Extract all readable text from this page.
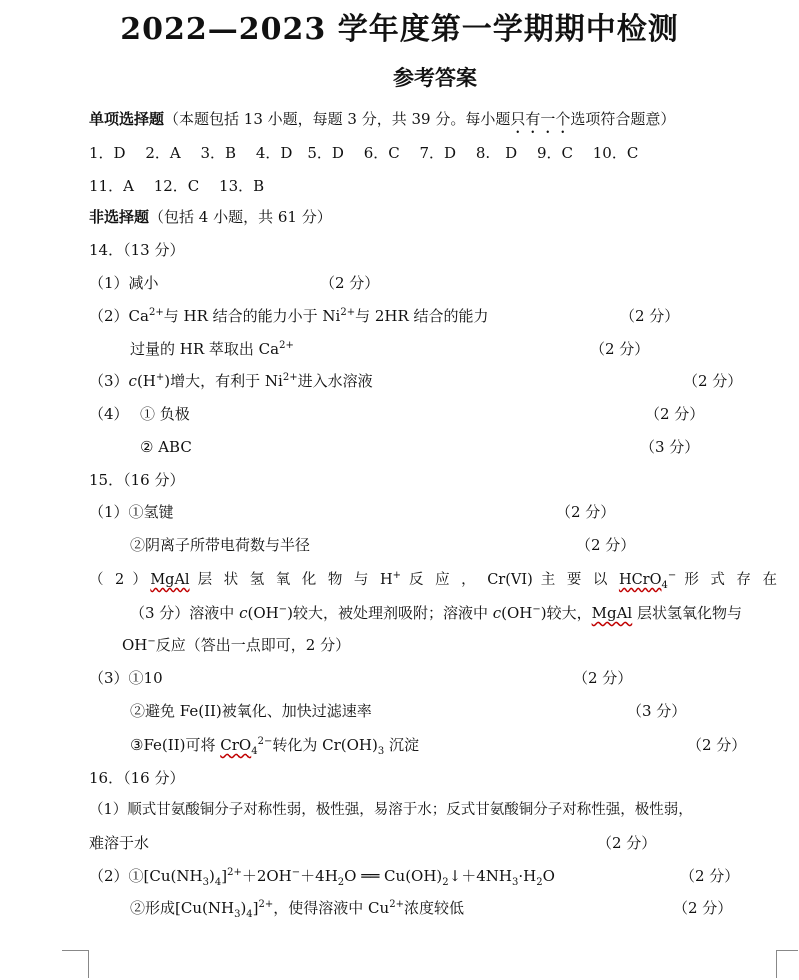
2022—2023 学年度第一学期期中检测
参考答案
单项选择题（本题包括 13 小题，每题 3 分，共 39 分。每小题只有一个选项符合题意）
1．D　 2．A　 3．B　 4．D　5．D　 6．C　 7．D　 8.　D　 9．C　 10．C
11．A　 12．C　 13．B
非选择题（包括 4 小题，共 61 分）
14．（13 分）
（1）减小	（2 分）
$(2)Ca^{2+}$与 HR 结合的能力小于 $Ni^{2+}$与 2HR 结合的能力	（2 分）
过量的 HR 萃取出 $Ca^{2+}$	（2 分）
（3）c(H+)增大，有利于 $Ni^{2+}$进入水溶液	（2 分）
（4） ① 负极	（2 分）
② ABC	（3 分）
15．（16 分）
（1）①氢键	（2 分）
②阴离子所带电荷数与半径	（2 分）
（ 2 ）MgAl 层 状 氢 氧 化 物 与 H+ 反 应 ， Cr(VI) 主 要 以 HCrO$_4$− 形 式 存 在
（3 分）溶液中 c(OH−)较大，被处理剂吸附；溶液中 c(OH−)较大，MgAl 层状氢氧化物与
OH−反应（答出一点即可，2 分）
（3）①10	（2 分）
②避免 Fe(II)被氧化、加快过滤速率	（3 分）
③Fe(II)可将 CrO$_4^{2-}$转化为 $Cr(OH)_3$ 沉淀	（2 分）
16．（16 分）
（1）顺式甘氨酸铜分子对称性弱，极性强，易溶于水；反式甘氨酸铜分子对称性强，极性弱，
难溶于水	（2 分）
$(2)①[Cu(NH_3)_4]^{2+}+2OH^-+4H_2O$ ══ $Cu(OH)_2↓+4NH_3\cdot H_2O$	（2 分）
②形成$[Cu(NH_3)_4]^{2+}$，使得溶液中 $Cu^{2+}$浓度较低	（2 分）
